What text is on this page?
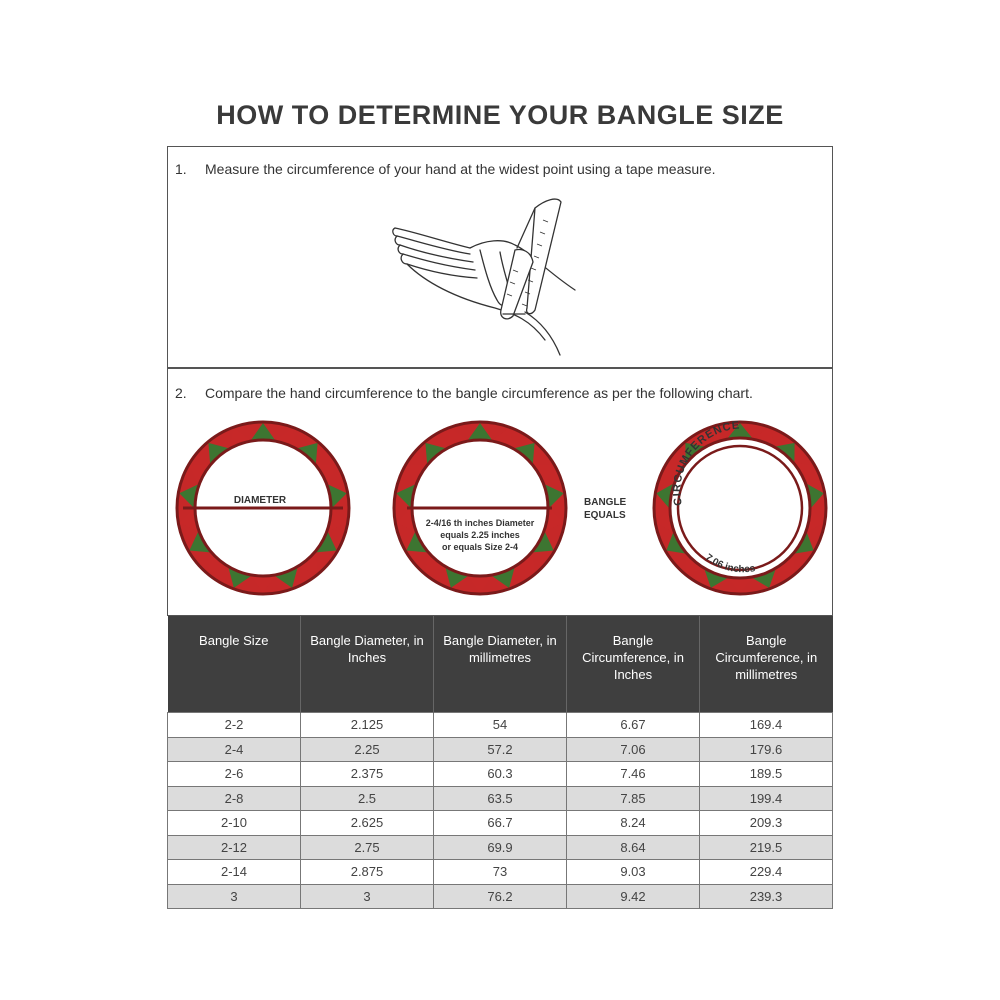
HOW TO DETERMINE YOUR BANGLE SIZE
1. Measure the circumference of your hand at the widest point using a tape measure.
2. Compare the hand circumference to the bangle circumference as per the following chart.
DIAMETER
2-4/16 th inches Diameter
equals 2.25 inches
or equals Size 2-4
CIRCUMFERENCE
7.06 inches
BANGLE
EQUALS
Bangle Size	Bangle Diameter, in Inches	Bangle Diameter, in millimetres	Bangle Circumference, in Inches	Bangle Circumference, in millimetres
2-2	2.125	54	6.67	169.4
2-4	2.25	57.2	7.06	179.6
2-6	2.375	60.3	7.46	189.5
2-8	2.5	63.5	7.85	199.4
2-10	2.625	66.7	8.24	209.3
2-12	2.75	69.9	8.64	219.5
2-14	2.875	73	9.03	229.4
3	3	76.2	9.42	239.3
